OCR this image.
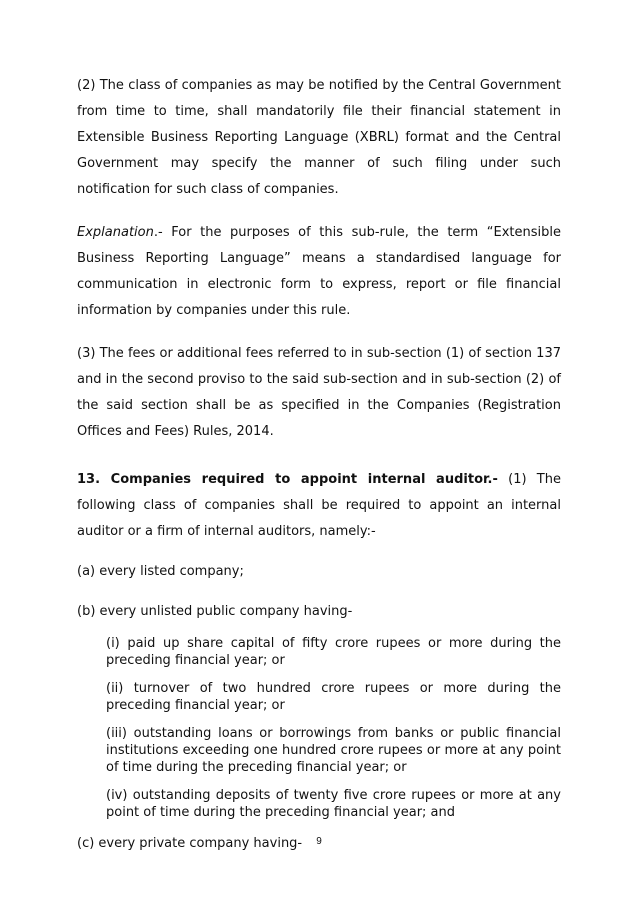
(2) The class of companies as may be notified by the Central Government from time to time, shall mandatorily file their financial statement in Extensible Business Reporting Language (XBRL) format and the Central Government may specify the manner of such filing under such notification for such class of companies.

Explanation.- For the purposes of this sub-rule, the term “Extensible Business Reporting Language” means a standardised language for communication in electronic form to express, report or file financial information by companies under this rule.

(3) The fees or additional fees referred to in sub-section (1) of section 137 and in the second proviso to the said sub-section and in sub-section (2) of the said section shall be as specified in the Companies (Registration Offices and Fees) Rules, 2014.

13. Companies required to appoint internal auditor.- (1) The following class of companies shall be required to appoint an internal auditor or a firm of internal auditors, namely:-

(a) every listed company;

(b) every unlisted public company having-

(i) paid up share capital of fifty crore rupees or more during the preceding financial year; or

(ii) turnover of two hundred crore rupees or more during the preceding financial year; or

(iii) outstanding loans or borrowings from banks or public financial institutions exceeding one hundred crore rupees or more at any point of time during the preceding financial year; or

(iv) outstanding deposits of twenty five crore rupees or more at any point of time during the preceding financial year; and

(c) every private company having-	9
